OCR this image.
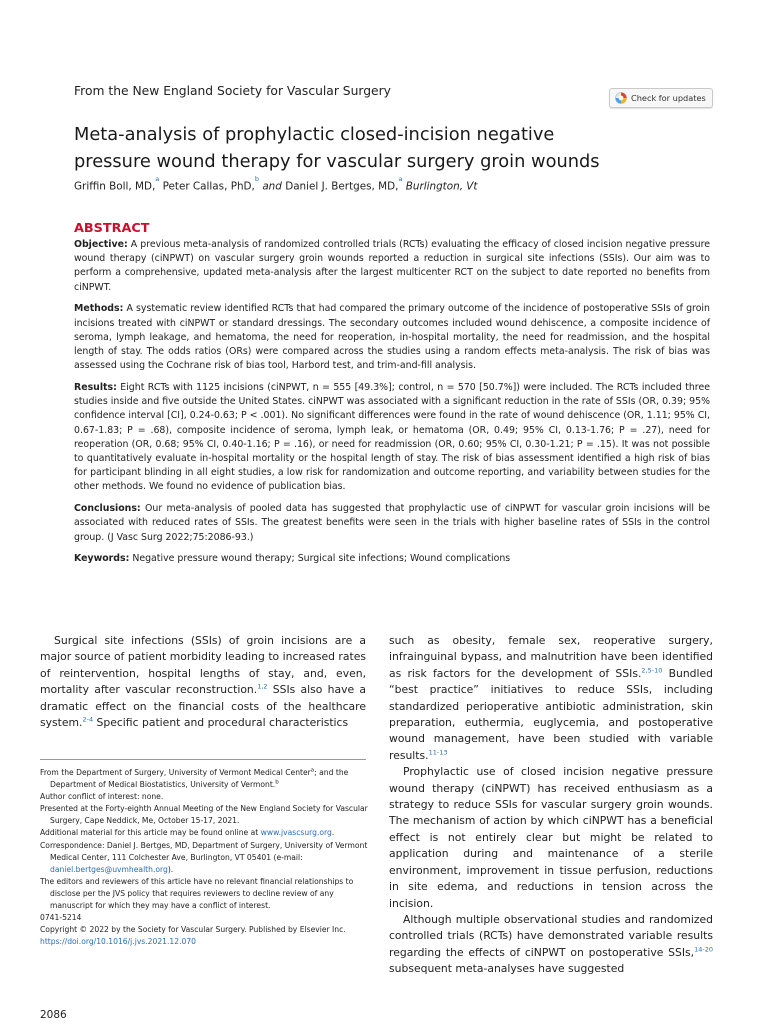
From the New England Society for Vascular Surgery	Check for updates
Meta-analysis of prophylactic closed-incision negative
pressure wound therapy for vascular surgery groin wounds
Griffin Boll, MD,$^a$ Peter Callas, PhD,$^b$ and Daniel J. Bertges, MD,$^a$ Burlington, Vt
ABSTRACT

Objective: A previous meta-analysis of randomized controlled trials (RCTs) evaluating the efficacy of closed incision negative pressure wound therapy (ciNPWT) on vascular surgery groin wounds reported a reduction in surgical site infections (SSIs). Our aim was to perform a comprehensive, updated meta-analysis after the largest multicenter RCT on the subject to date reported no benefits from ciNPWT.

Methods: A systematic review identified RCTs that had compared the primary outcome of the incidence of postoperative SSIs of groin incisions treated with ciNPWT or standard dressings. The secondary outcomes included wound dehiscence, a composite incidence of seroma, lymph leakage, and hematoma, the need for reoperation, in-hospital mortality, the need for readmission, and the hospital length of stay. The odds ratios (ORs) were compared across the studies using a random effects meta-analysis. The risk of bias was assessed using the Cochrane risk of bias tool, Harbord test, and trim-and-fill analysis.

Results: Eight RCTs with 1125 incisions (ciNPWT, n = 555 [49.3%]; control, n = 570 [50.7%]) were included. The RCTs included three studies inside and five outside the United States. ciNPWT was associated with a significant reduction in the rate of SSIs (OR, 0.39; 95% confidence interval [CI], 0.24-0.63; P < .001). No significant differences were found in the rate of wound dehiscence (OR, 1.11; 95% CI, 0.67-1.83; P = .68), composite incidence of seroma, lymph leak, or hematoma (OR, 0.49; 95% CI, 0.13-1.76; P = .27), need for reoperation (OR, 0.68; 95% CI, 0.40-1.16; P = .16), or need for readmission (OR, 0.60; 95% CI, 0.30-1.21; P = .15). It was not possible to quantitatively evaluate in-hospital mortality or the hospital length of stay. The risk of bias assessment identified a high risk of bias for participant blinding in all eight studies, a low risk for randomization and outcome reporting, and variability between studies for the other methods. We found no evidence of publication bias.

Conclusions: Our meta-analysis of pooled data has suggested that prophylactic use of ciNPWT for vascular groin incisions will be associated with reduced rates of SSIs. The greatest benefits were seen in the trials with higher baseline rates of SSIs in the control group. (J Vasc Surg 2022;75:2086-93.)

Keywords: Negative pressure wound therapy; Surgical site infections; Wound complications

Surgical site infections (SSIs) of groin incisions are a major source of patient morbidity leading to increased rates of reintervention, hospital lengths of stay, and, even, mortality after vascular reconstruction.$^{1,2}$ SSIs also have a dramatic effect on the financial costs of the healthcare system.$^{2-4}$ Specific patient and procedural characteristics

such as obesity, female sex, reoperative surgery, infrainguinal bypass, and malnutrition have been identified as risk factors for the development of SSIs.$^{2,5-10}$ Bundled “best practice” initiatives to reduce SSIs, including standardized perioperative antibiotic administration, skin preparation, euthermia, euglycemia, and postoperative wound management, have been studied with variable results.$^{11-13}$

Prophylactic use of closed incision negative pressure wound therapy (ciNPWT) has received enthusiasm as a strategy to reduce SSIs for vascular surgery groin wounds. The mechanism of action by which ciNPWT has a beneficial effect is not entirely clear but might be related to application during and maintenance of a sterile environment, improvement in tissue perfusion, reductions in site edema, and reductions in tension across the incision.

Although multiple observational studies and randomized controlled trials (RCTs) have demonstrated variable results regarding the effects of ciNPWT on postoperative SSIs,$^{14-20}$ subsequent meta-analyses have suggested

From the Department of Surgery, University of Vermont Medical Center$^a$; and the Department of Medical Biostatistics, University of Vermont.$^b$
Author conflict of interest: none.
Presented at the Forty-eighth Annual Meeting of the New England Society for Vascular Surgery, Cape Neddick, Me, October 15-17, 2021.
Additional material for this article may be found online at www.jvascsurg.org.
Correspondence: Daniel J. Bertges, MD, Department of Surgery, University of Vermont Medical Center, 111 Colchester Ave, Burlington, VT 05401 (e-mail: daniel.bertges@uvmhealth.org).
The editors and reviewers of this article have no relevant financial relationships to disclose per the JVS policy that requires reviewers to decline review of any manuscript for which they may have a conflict of interest.
0741-5214
Copyright © 2022 by the Society for Vascular Surgery. Published by Elsevier Inc.
https://doi.org/10.1016/j.jvs.2021.12.070
2086
